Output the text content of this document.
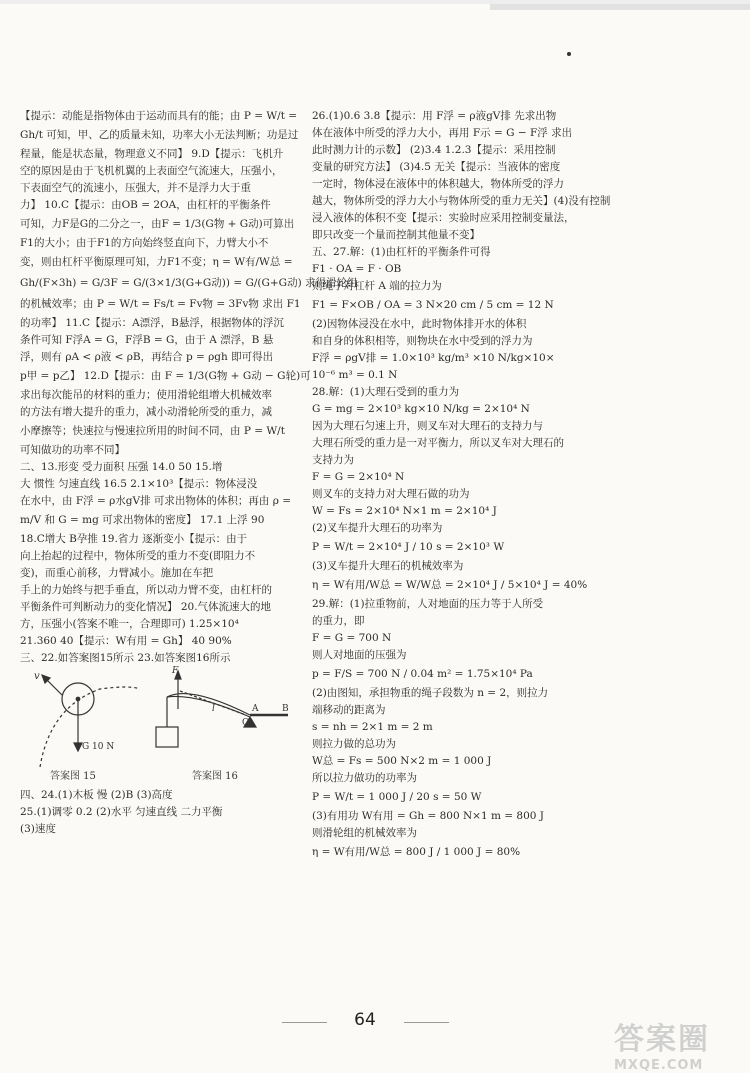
【提示：动能是指物体由于运动而具有的能；由 P = W/t =
Gh/t 可知，甲、乙的质量未知，功率大小无法判断；功是过
程量，能是状态量，物理意义不同】 9.D【提示：飞机升
空的原因是由于飞机机翼的上表面空气流速大，压强小，
下表面空气的流速小，压强大，并不是浮力大于重
力】 10.C【提示：由OB = 2OA，由杠杆的平衡条件
可知，力F是G的二分之一，由F = 1/3(G物 + G动)可算出
F1的大小；由于F1的方向始终竖直向下，力臂大小不
变，则由杠杆平衡原理可知，力F1不变；η = W有/W总 =
Gh/(F×3h) = G/3F = G/(3×1/3(G+G动)) = G/(G+G动) 求得滑轮组
的机械效率；由 P = W/t = Fs/t = Fv物 = 3Fv物 求出 F1
的功率】 11.C【提示：A漂浮，B悬浮，根据物体的浮沉
条件可知 F浮A = G，F浮B = G，由于 A 漂浮，B 悬
浮，则有 ρA < ρ液 < ρB，再结合 p = ρgh 即可得出
p甲 = p乙】 12.D【提示：由 F = 1/3(G物 + G动 − G轮)可
求出每次能吊的材料的重力；使用滑轮组增大机械效率
的方法有增大提升的重力，减小动滑轮所受的重力，减
小摩擦等；快速拉与慢速拉所用的时间不同，由 P = W/t
可知做功的功率不同】
二、13.形变 受力面积 压强 14.0 50 15.增
大 惯性 匀速直线 16.5 2.1×10³【提示：物体浸没
在水中，由 F浮 = ρ水gV排 可求出物体的体积；再由 ρ =
m/V 和 G = mg 可求出物体的密度】 17.1 上浮 90
18.C增大 B孕推 19.省力 逐渐变小【提示：由于
向上抬起的过程中，物体所受的重力不变(即阻力不
变)，而重心前移，力臂减小。施加在车把
手上的力始终与把手垂直，所以动力臂不变，由杠杆的
平衡条件可判断动力的变化情况】 20.气体流速大的地
方，压强小(答案不唯一，合理即可) 1.25×10⁴
21.360 40【提示：W有用 = Gh】 40 90%
三、22.如答案图15所示 23.如答案图16所示
v
G 10 N
答案图 15
F
l	A
O
B
答案图 16
四、24.(1)木板 慢 (2)B (3)高度
25.(1)调零 0.2 (2)水平 匀速直线 二力平衡
(3)速度
26.(1)0.6 3.8【提示：用 F浮 = ρ液gV排 先求出物
体在液体中所受的浮力大小，再用 F示 = G − F浮 求出
此时测力计的示数】 (2)3.4 1.2.3【提示：采用控制
变量的研究方法】 (3)4.5 无关【提示：当液体的密度
一定时，物体浸在液体中的体积越大，物体所受的浮力
越大，物体所受的浮力大小与物体所受的重力无关】(4)没有控制
浸入液体的体积不变【提示：实验时应采用控制变量法，
即只改变一个量而控制其他量不变】
五、27.解：(1)由杠杆的平衡条件可得
F1 · OA = F · OB
则绳子对杠杆 A 端的拉力为
F1 = F×OB / OA = 3 N×20 cm / 5 cm = 12 N
(2)因物体浸没在水中，此时物体排开水的体积
和自身的体积相等，则物块在水中受到的浮力为
F浮 = ρgV排 = 1.0×10³ kg/m³ ×10 N/kg×10×
10⁻⁶ m³ = 0.1 N
28.解：(1)大理石受到的重力为
G = mg = 2×10³ kg×10 N/kg = 2×10⁴ N
因为大理石匀速上升，则叉车对大理石的支持力与
大理石所受的重力是一对平衡力，所以叉车对大理石的
支持力为
F = G = 2×10⁴ N
则叉车的支持力对大理石做的功为
W = Fs = 2×10⁴ N×1 m = 2×10⁴ J
(2)叉车提升大理石的功率为
P = W/t = 2×10⁴ J / 10 s = 2×10³ W
(3)叉车提升大理石的机械效率为
η = W有用/W总 = W/W总 = 2×10⁴ J / 5×10⁴ J = 40%
29.解：(1)拉重物前，人对地面的压力等于人所受
的重力，即
F = G = 700 N
则人对地面的压强为
p = F/S = 700 N / 0.04 m² = 1.75×10⁴ Pa
(2)由图知，承担物重的绳子段数为 n = 2，则拉力
端移动的距离为
s = nh = 2×1 m = 2 m
则拉力做的总功为
W总 = Fs = 500 N×2 m = 1 000 J
所以拉力做功的功率为
P = W/t = 1 000 J / 20 s = 50 W
(3)有用功 W有用 = Gh = 800 N×1 m = 800 J
则滑轮组的机械效率为
η = W有用/W总 = 800 J / 1 000 J = 80%
64
答案圈
MXQE.COM
